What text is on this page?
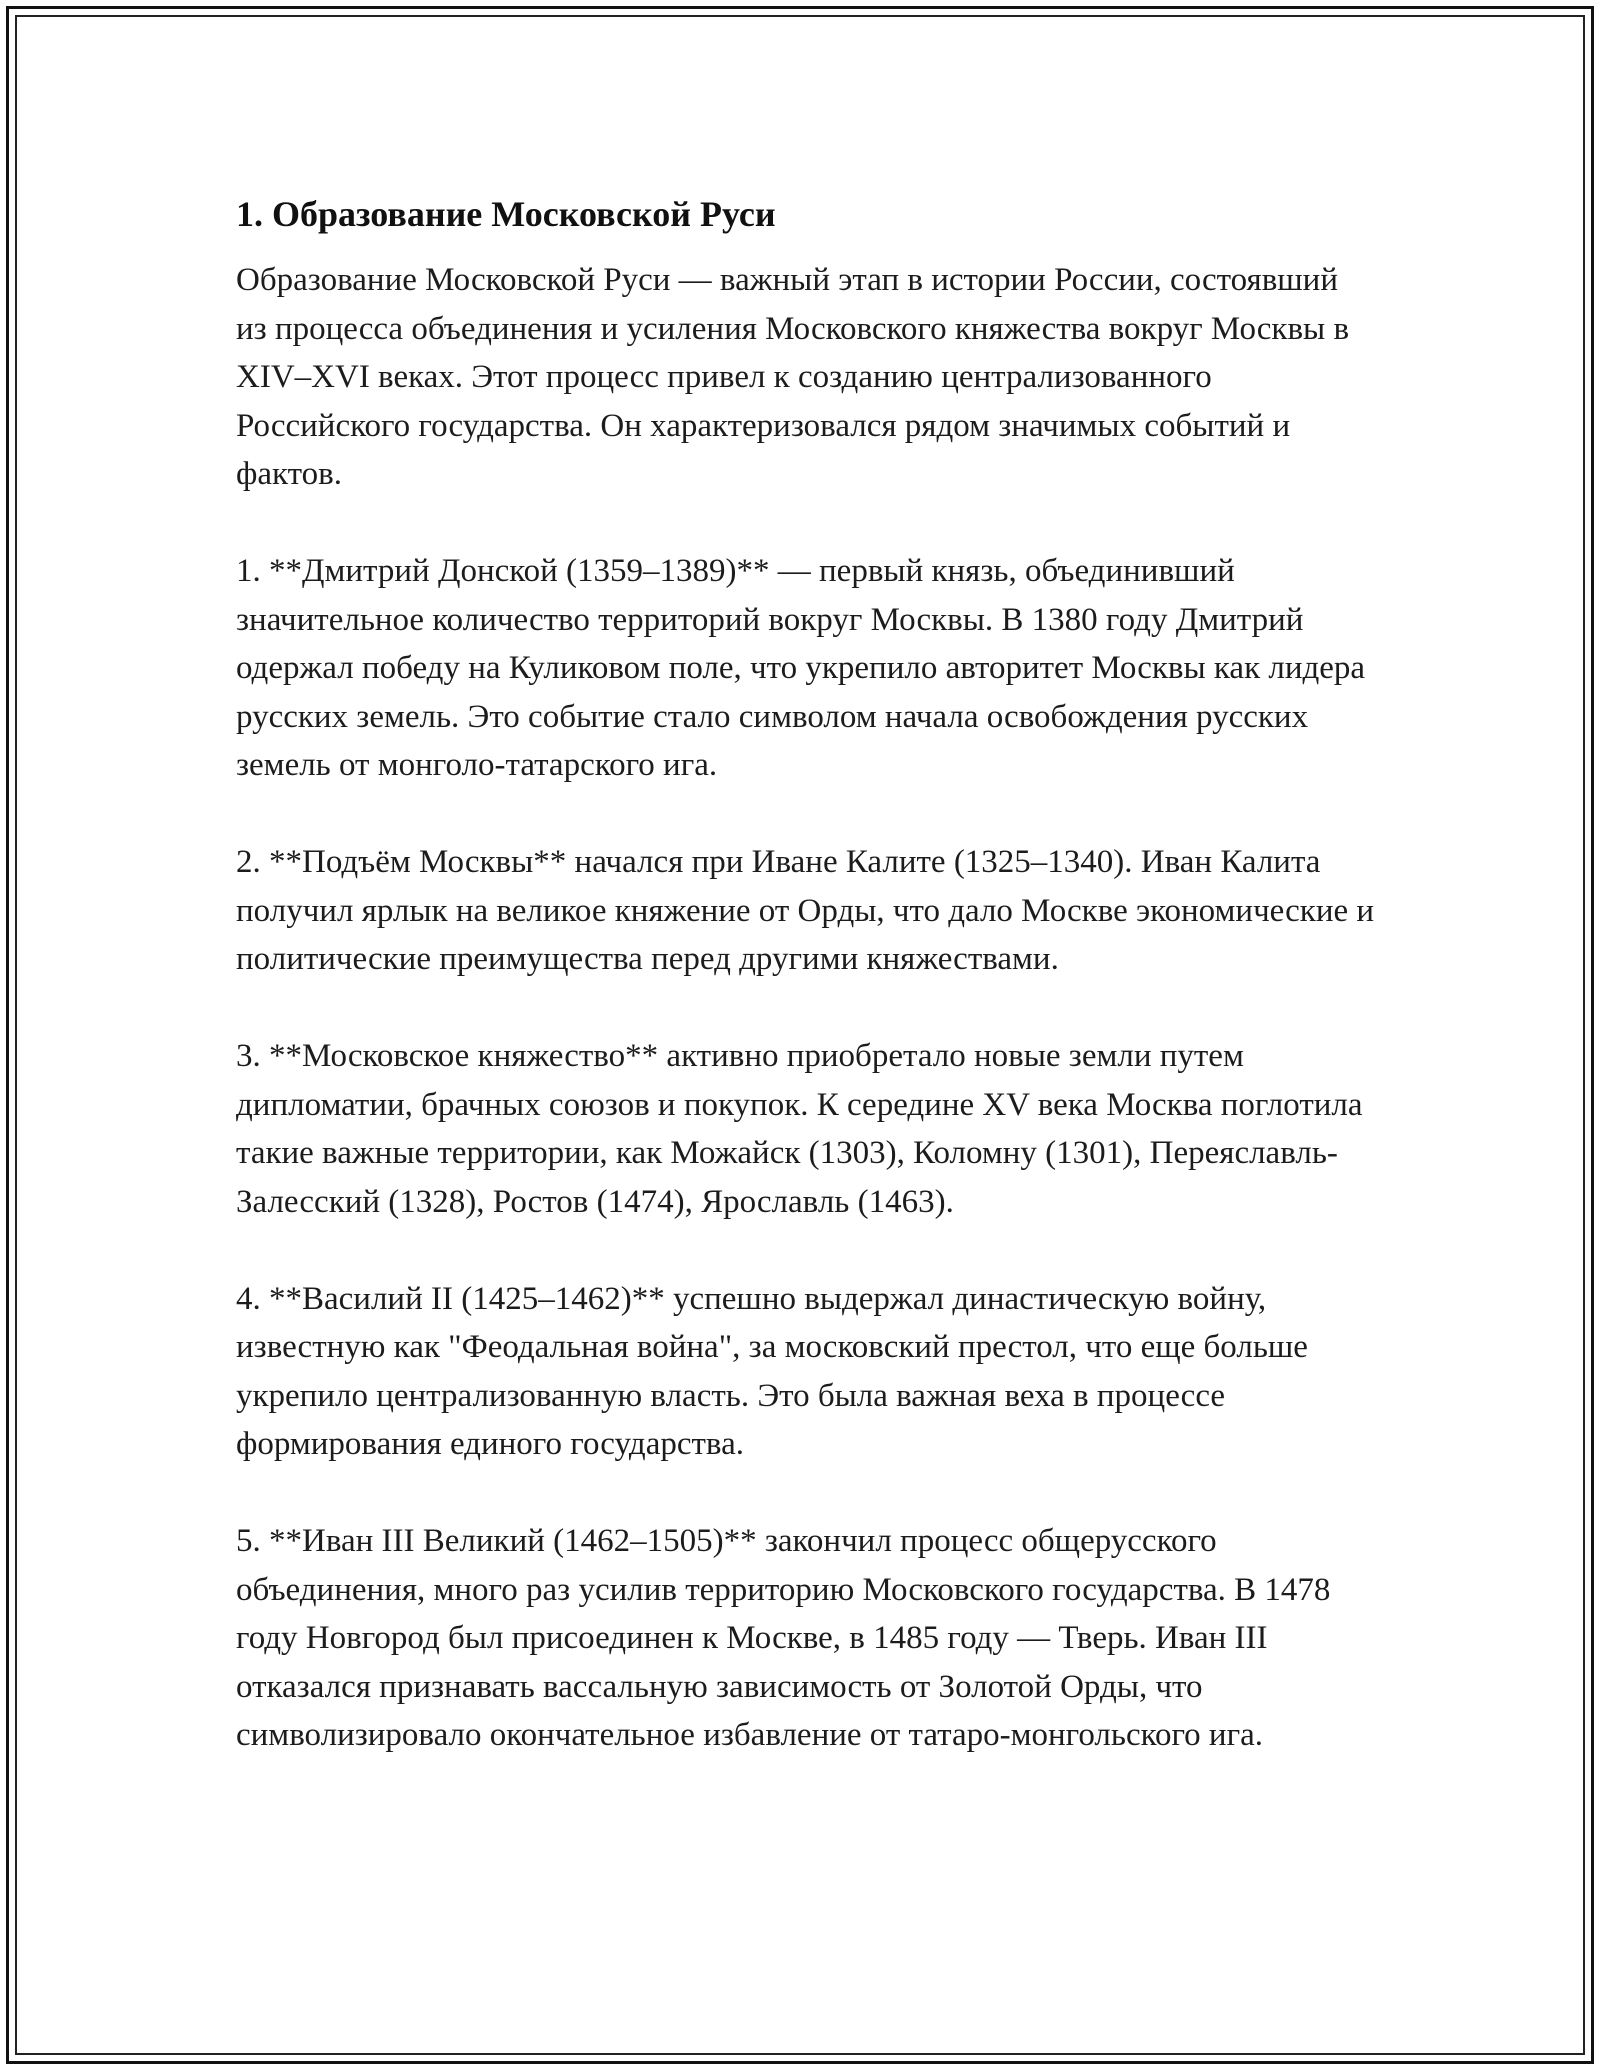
1. Образование Московской Руси

Образование Московской Руси — важный этап в истории России, состоявший из процесса объединения и усиления Московского княжества вокруг Москвы в XIV–XVI веках. Этот процесс привел к созданию централизованного Российского государства. Он характеризовался рядом значимых событий и фактов.

1. **Дмитрий Донской (1359–1389)** — первый князь, объединивший значительное количество территорий вокруг Москвы. В 1380 году Дмитрий одержал победу на Куликовом поле, что укрепило авторитет Москвы как лидера русских земель. Это событие стало символом начала освобождения русских земель от монголо-татарского ига.

2. **Подъём Москвы** начался при Иване Калите (1325–1340). Иван Калита получил ярлык на великое княжение от Орды, что дало Москве экономические и политические преимущества перед другими княжествами.

3. **Московское княжество** активно приобретало новые земли путем дипломатии, брачных союзов и покупок. К середине XV века Москва поглотила такие важные территории, как Можайск (1303), Коломну (1301), Переяславль-Залесский (1328), Ростов (1474), Ярославль (1463).

4. **Василий II (1425–1462)** успешно выдержал династическую войну, известную как "Феодальная война", за московский престол, что еще больше укрепило централизованную власть. Это была важная веха в процессе формирования единого государства.

5. **Иван III Великий (1462–1505)** закончил процесс общерусского объединения, много раз усилив территорию Московского государства. В 1478 году Новгород был присоединен к Москве, в 1485 году — Тверь. Иван III отказался признавать вассальную зависимость от Золотой Орды, что символизировало окончательное избавление от татаро-монгольского ига.
